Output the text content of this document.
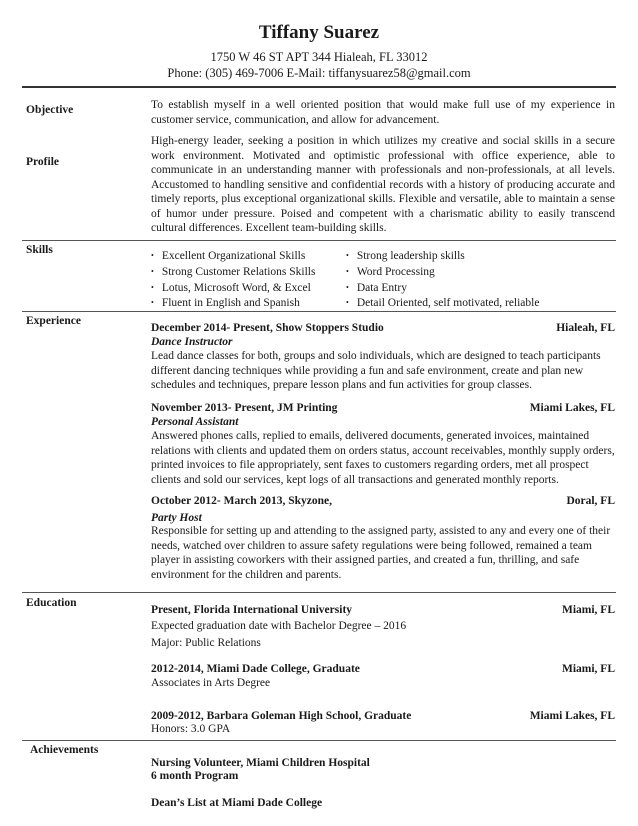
Tiffany Suarez
1750 W 46 ST APT 344 Hialeah, FL 33012
Phone: (305) 469-7006 E-Mail: tiffanysuarez58@gmail.com
Objective	To establish myself in a well oriented position that would make full use of my experience in customer service, communication, and allow for advancement.
Profile
High-energy leader, seeking a position in which utilizes my creative and social skills in a secure work environment. Motivated and optimistic professional with office experience, able to communicate in an understanding manner with professionals and non-professionals, at all levels. Accustomed to handling sensitive and confidential records with a history of producing accurate and timely reports, plus exceptional organizational skills. Flexible and versatile, able to maintain a sense of humor under pressure. Poised and competent with a charismatic ability to easily transcend cultural differences. Excellent team-building skills.
Skills
•	Excellent Organizational Skills
• Strong Customer Relations Skills
• Lotus, Microsoft Word, & Excel
• Fluent in English and Spanish
• Strong leadership skills
• Word Processing
• Data Entry
• Detail Oriented, self motivated, reliable
Experience
December 2014- Present, Show Stoppers Studio	Hialeah, FL
Dance Instructor
Lead dance classes for both, groups and solo individuals, which are designed to teach participants
different dancing techniques while providing a fun and safe environment, create and plan new
schedules and techniques, prepare lesson plans and fun activities for group classes.
November 2013- Present, JM Printing	Miami Lakes, FL
Personal Assistant
Answered phones calls, replied to emails, delivered documents, generated invoices, maintained
relations with clients and updated them on orders status, account receivables, monthly supply orders,
printed invoices to file appropriately, sent faxes to customers regarding orders, met all prospect
clients and sold our services, kept logs of all transactions and generated monthly reports.
October 2012- March 2013, Skyzone,	Doral, FL
Party Host
Responsible for setting up and attending to the assigned party, assisted to any and every one of their
needs, watched over children to assure safety regulations were being followed, remained a team
player in assisting coworkers with their assigned parties, and created a fun, thrilling, and safe
environment for the children and parents.
Education
Present, Florida International University	Miami, FL
Expected graduation date with Bachelor Degree – 2016
Major: Public Relations
2012-2014, Miami Dade College, Graduate	Miami, FL
Associates in Arts Degree
2009-2012, Barbara Goleman High School, Graduate	Miami Lakes, FL
Honors: 3.0 GPA
Achievements
Nursing Volunteer, Miami Children Hospital
6 month Program
Dean’s List at Miami Dade College
